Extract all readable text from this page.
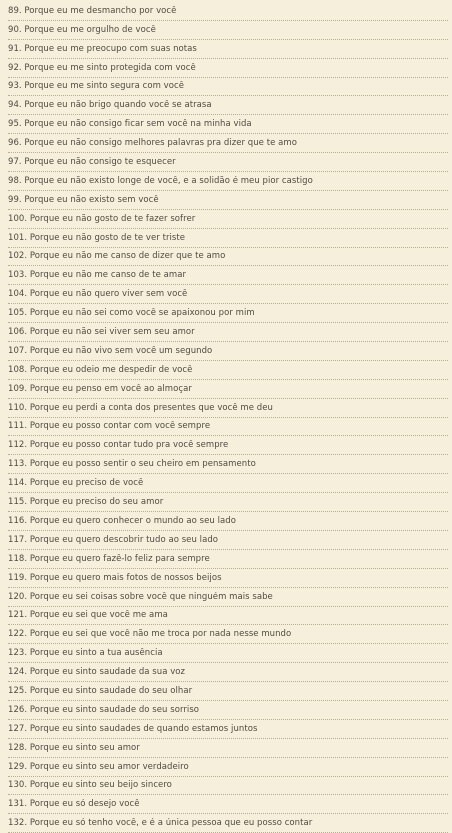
89. Porque eu me desmancho por você
90. Porque eu me orgulho de você
91. Porque eu me preocupo com suas notas
92. Porque eu me sinto protegida com você
93. Porque eu me sinto segura com você
94. Porque eu não brigo quando você se atrasa
95. Porque eu não consigo ficar sem você na minha vida
96. Porque eu não consigo melhores palavras pra dizer que te amo
97. Porque eu não consigo te esquecer
98. Porque eu não existo longe de você, e a solidão é meu pior castigo
99. Porque eu não existo sem você
100. Porque eu não gosto de te fazer sofrer
101. Porque eu não gosto de te ver triste
102. Porque eu não me canso de dizer que te amo
103. Porque eu não me canso de te amar
104. Porque eu não quero viver sem você
105. Porque eu não sei como você se apaixonou por mim
106. Porque eu não sei viver sem seu amor
107. Porque eu não vivo sem você um segundo
108. Porque eu odeio me despedir de você
109. Porque eu penso em você ao almoçar
110. Porque eu perdi a conta dos presentes que você me deu
111. Porque eu posso contar com você sempre
112. Porque eu posso contar tudo pra você sempre
113. Porque eu posso sentir o seu cheiro em pensamento
114. Porque eu preciso de você
115. Porque eu preciso do seu amor
116. Porque eu quero conhecer o mundo ao seu lado
117. Porque eu quero descobrir tudo ao seu lado
118. Porque eu quero fazê-lo feliz para sempre
119. Porque eu quero mais fotos de nossos beijos
120. Porque eu sei coisas sobre você que ninguém mais sabe
121. Porque eu sei que você me ama
122. Porque eu sei que você não me troca por nada nesse mundo
123. Porque eu sinto a tua ausência
124. Porque eu sinto saudade da sua voz
125. Porque eu sinto saudade do seu olhar
126. Porque eu sinto saudade do seu sorriso
127. Porque eu sinto saudades de quando estamos juntos
128. Porque eu sinto seu amor
129. Porque eu sinto seu amor verdadeiro
130. Porque eu sinto seu beijo sincero
131. Porque eu só desejo você
132. Porque eu só tenho você, e é a única pessoa que eu posso contar
